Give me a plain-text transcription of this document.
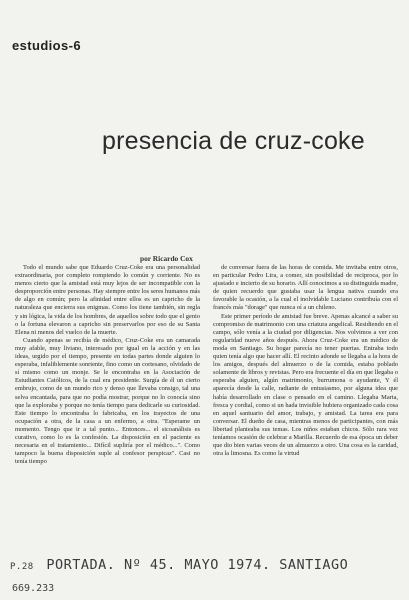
estudios-6
presencia de cruz-coke
por Ricardo Cox

Todo el mundo sabe que Eduardo Cruz-Coke era una personalidad extraordinaria, por completo rompiendo lo común y corriente. No es menos cierto que la amistad está muy lejos de ser incompatible con la desproporción entre personas. Hay siempre entre los seres humanos más de algo en común; pero la afinidad entre ellos es un capricho de la naturaleza que encierra sus enigmas. Como los tiene también, sin regla y sin lógica, la vida de los hombres, de aquellos sobre todo que el genio o la fortuna elevaron a capricho sin preservarlos por eso de su Santa Elena ni menos del vuelco de la muerte.

Cuando apenas se recibía de médico, Cruz-Coke era un camarada muy afable, muy liviano, interesado por igual en la acción y en las ideas, urgido por el tiempo, presente en todas partes donde alguien lo esperaba, infaliblemente sonriente, fino como un cortesano, olvidado de sí mismo como un monje. Se le encontraba en la Asociación de Estudiantes Católicos, de la cual era presidente. Surgía de él un cierto embrujo, como de un mundo rico y denso que llevaba consigo, tal una selva encantada, para que no podía mostrar, porque no lo conocía sino que la exploraba y porque no tenía tiempo para dedicarle su curiosidad. Este tiempo lo encontraba lo fabricaba, en los trayectos de una ocupación a otra, de la casa a un enfermo, a otra. "Esperame un momento. Tengo que ir a tal punto... Entonces... el sicoanálisis es curativo, como lo es la confesión. La disposición en el paciente es necesaria en el tratamiento... Difícil supliría por el médico...". Como tampoco la buena disposición suple al confesor perspicaz". Casi no tenía tiempo

de conversar fuera de las horas de comida. Me invitaba entre otros, en particular Pedro Lira, a comer, sin posibilidad de reciproca, por lo ajustado e incierto de su horario. Allí conocimos a su distinguida madre, de quien recuerdo que gustaba usar la lengua nativa cuando era favorable la ocasión, a la cual el inolvidable Luciano contribuía con el francés más "dorage" que nunca oí a un chileno.

Este primer período de amistad fue breve. Apenas alcancé a saber su compromiso de matrimonio con una criatura angelical. Residiendo en el campo, sólo venía a la ciudad por diligencias. Nos volvimos a ver con regularidad nueve años después. Ahora Cruz-Coke era un médico de moda en Santiago. Su hogar parecía no tener puertas. Entraba todo quien tenía algo que hacer allí. El recinto adonde se llegaba a la hora de los amigos, después del almuerzo o de la comida, estaba poblado solamente de libros y revistas. Pero era frecuente el día en que llegaba o esperaba alguien, algún matrimonio, burrumona o ayudante, Y él aparecía desde la calle, radiante de entusiasmo, por alguna idea que había desarrollado en clase o pensado en el camino. Llegaba Marta, fresca y cordial, como si un hada invisible hubiera organizado cada cosa en aquel santuario del amor, trabajo, y amistad. La tarea era para conversar. El dueño de casa, mientras menos de participantes, con más libertad planteaba sus temas. Los niños estaban chicos. Sólo rara vez teníamos ocasión de celebrar a Marilla. Recuerdo de esa época un deber que dio bien varias veces de un almuerzo a otro. Una cosa es la caridad, otra la limosna. Es como la virtud

P.28 PORTADA. Nº 45. MAYO 1974. SANTIAGO
669.233
